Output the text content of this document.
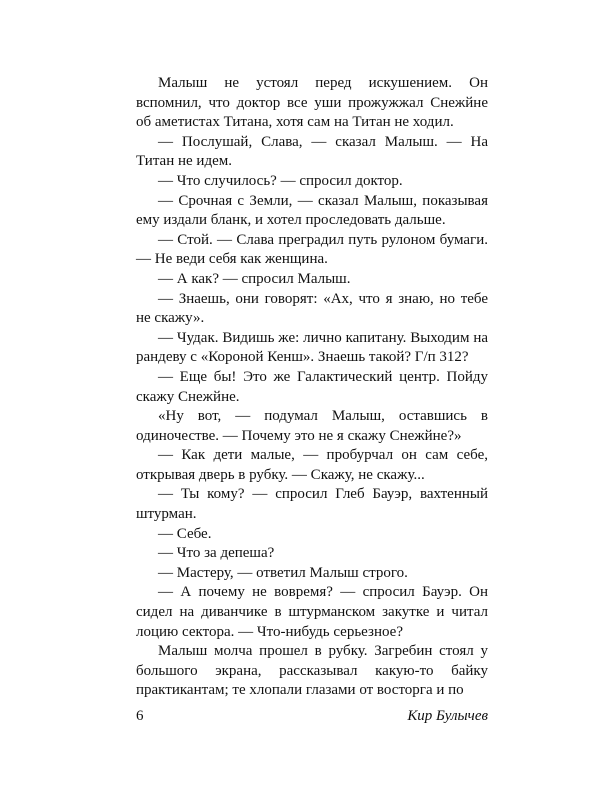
Малыш не устоял перед искушением. Он вспомнил, что доктор все уши прожужжал Снежйне об аметистах Титана, хотя сам на Титан не ходил.

— Послушай, Слава, — сказал Малыш. — На Титан не идем.

— Что случилось? — спросил доктор.

— Срочная с Земли, — сказал Малыш, показывая ему издали бланк, и хотел проследовать дальше.

— Стой. — Слава преградил путь рулоном бумаги. — Не веди себя как женщина.

— А как? — спросил Малыш.

— Знаешь, они говорят: «Ах, что я знаю, но тебе не скажу».

— Чудак. Видишь же: лично капитану. Выходим на рандеву с «Короной Кенш». Знаешь такой? Г/п 312?

— Еще бы! Это же Галактический центр. Пойду скажу Снежйне.

«Ну вот, — подумал Малыш, оставшись в одиночестве. — Почему это не я скажу Снежйне?»

— Как дети малые, — пробурчал он сам себе, открывая дверь в рубку. — Скажу, не скажу...

— Ты кому? — спросил Глеб Бауэр, вахтенный штурман.

— Себе.

— Что за депеша?

— Мастеру, — ответил Малыш строго.

— А почему не вовремя? — спросил Бауэр. Он сидел на диванчике в штурманском закутке и читал лоцию сектора. — Что-нибудь серьезное?

Малыш молча прошел в рубку. Загребин стоял у большого экрана, рассказывал какую-то байку практикантам; те хлопали глазами от восторга и по

6	Кир Булычев
